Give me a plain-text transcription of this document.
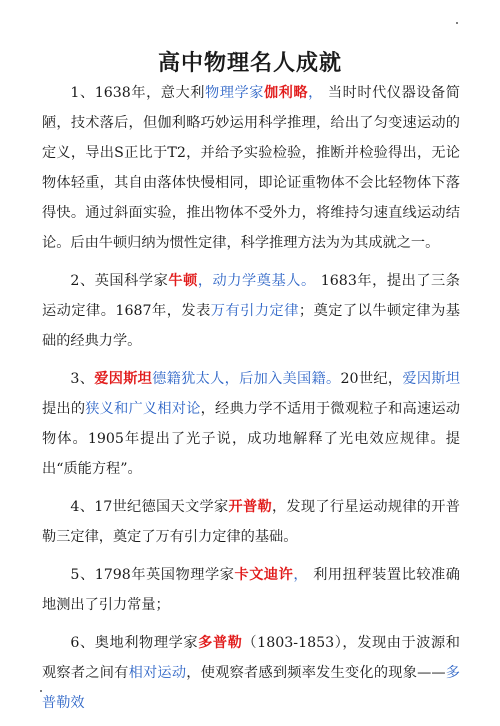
高中物理名人成就

1、1638年，意大利物理学家伽利略， 当时时代仪器设备简陋，技术落后，但伽利略巧妙运用科学推理，给出了匀变速运动的定义，导出S正比于T2，并给予实验检验，推断并检验得出，无论物体轻重，其自由落体快慢相同，即论证重物体不会比轻物体下落得快。通过斜面实验，推出物体不受外力，将维持匀速直线运动结论。后由牛顿归纳为惯性定律，科学推理方法为为其成就之一。

2、英国科学家牛顿，动力学奠基人。 1683年，提出了三条运动定律。1687年，发表万有引力定律；奠定了以牛顿定律为基础的经典力学。

3、爱因斯坦德籍犹太人，后加入美国籍。20世纪，爱因斯坦提出的狭义和广义相对论，经典力学不适用于微观粒子和高速运动物体。1905年提出了光子说，成功地解释了光电效应规律。提出“质能方程”。

4、17世纪德国天文学家开普勒，发现了行星运动规律的开普勒三定律，奠定了万有引力定律的基础。

5、1798年英国物理学家卡文迪许， 利用扭秤装置比较准确地测出了引力常量；

6、奥地利物理学家多普勒（1803-1853），发现由于波源和观察者之间有相对运动，使观察者感到频率发生变化的现象——多普勒效
